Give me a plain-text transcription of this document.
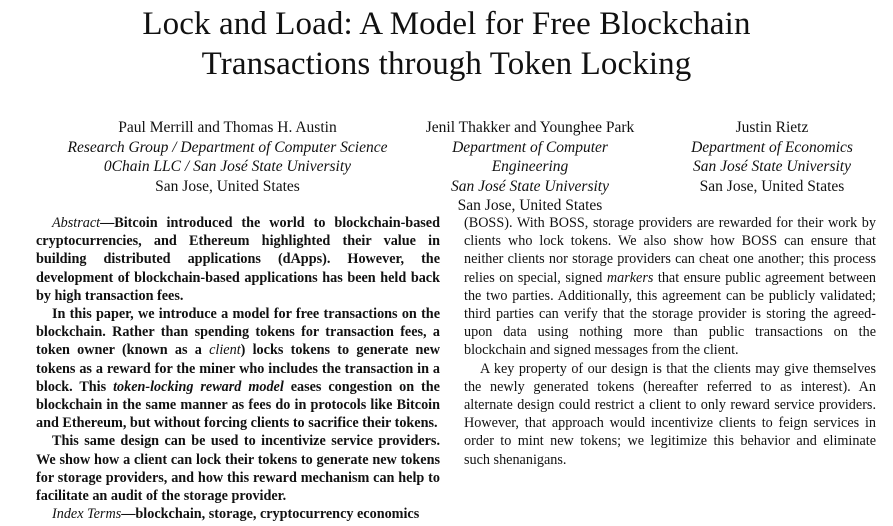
Lock and Load: A Model for Free Blockchain
Transactions through Token Locking
Paul Merrill and Thomas H. Austin
Research Group / Department of Computer Science
0Chain LLC / San José State University
San Jose, United States
Jenil Thakker and Younghee Park
Department of Computer Engineering
San José State University
San Jose, United States
Justin Rietz
Department of Economics
San José State University
San Jose, United States

Abstract—Bitcoin introduced the world to blockchain-based cryptocurrencies, and Ethereum highlighted their value in building distributed applications (dApps). However, the development of blockchain-based applications has been held back by high transaction fees.

In this paper, we introduce a model for free transactions on the blockchain. Rather than spending tokens for transaction fees, a token owner (known as a client) locks tokens to generate new tokens as a reward for the miner who includes the transaction in a block. This token-locking reward model eases congestion on the blockchain in the same manner as fees do in protocols like Bitcoin and Ethereum, but without forcing clients to sacrifice their tokens.

This same design can be used to incentivize service providers. We show how a client can lock their tokens to generate new tokens for storage providers, and how this reward mechanism can help to facilitate an audit of the storage provider.

Index Terms—blockchain, storage, cryptocurrency economics

(BOSS). With BOSS, storage providers are rewarded for their work by clients who lock tokens. We also show how BOSS can ensure that neither clients nor storage providers can cheat one another; this process relies on special, signed markers that ensure public agreement between the two parties. Additionally, this agreement can be publicly validated; third parties can verify that the storage provider is storing the agreed-upon data using nothing more than public transactions on the blockchain and signed messages from the client.

A key property of our design is that the clients may give themselves the newly generated tokens (hereafter referred to as interest). An alternate design could restrict a client to only reward service providers. However, that approach would incentivize clients to feign services in order to mint new tokens; we legitimize this behavior and eliminate such shenanigans.
